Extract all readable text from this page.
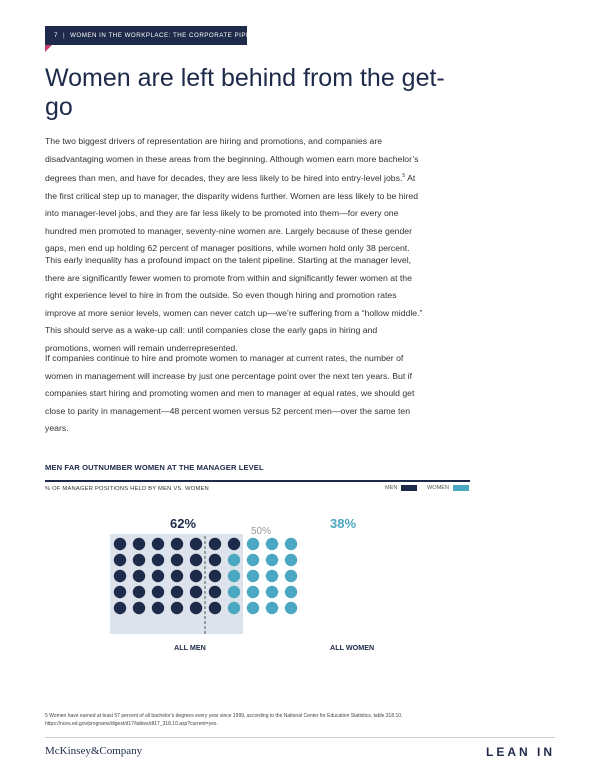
7 | WOMEN IN THE WORKPLACE: THE CORPORATE PIPELINE
Women are left behind from the get-go

The two biggest drivers of representation are hiring and promotions, and companies are disadvantaging women in these areas from the beginning. Although women earn more bachelor’s degrees than men, and have for decades, they are less likely to be hired into entry-level jobs.$^5$ At the first critical step up to manager, the disparity widens further. Women are less likely to be hired into manager-level jobs, and they are far less likely to be promoted into them—for every one hundred men promoted to manager, seventy-nine women are. Largely because of these gender gaps, men end up holding 62 percent of manager positions, while women hold only 38 percent.

This early inequality has a profound impact on the talent pipeline. Starting at the manager level, there are significantly fewer women to promote from within and significantly fewer women at the right experience level to hire in from the outside. So even though hiring and promotion rates improve at more senior levels, women can never catch up—we’re suffering from a “hollow middle.” This should serve as a wake-up call: until companies close the early gaps in hiring and promotions, women will remain underrepresented.

If companies continue to hire and promote women to manager at current rates, the number of women in management will increase by just one percentage point over the next ten years. But if companies start hiring and promoting women and men to manager at equal rates, we should get close to parity in management—48 percent women versus 52 percent men—over the same ten years.

MEN FAR OUTNUMBER WOMEN AT THE MANAGER LEVEL
% OF MANAGER POSITIONS HELD BY MEN VS. WOMEN	MEN	WOMEN
62%
50%
38%
ALL MEN	ALL WOMEN
5 Women have earned at least 57 percent of all bachelor’s degrees every year since 1999, according to the National Center for Education Statistics, table 318.10. https://nces.ed.gov/programs/digest/d17/tables/dt17_318.10.asp?current=yes.
McKinsey&Company	LEAN IN
